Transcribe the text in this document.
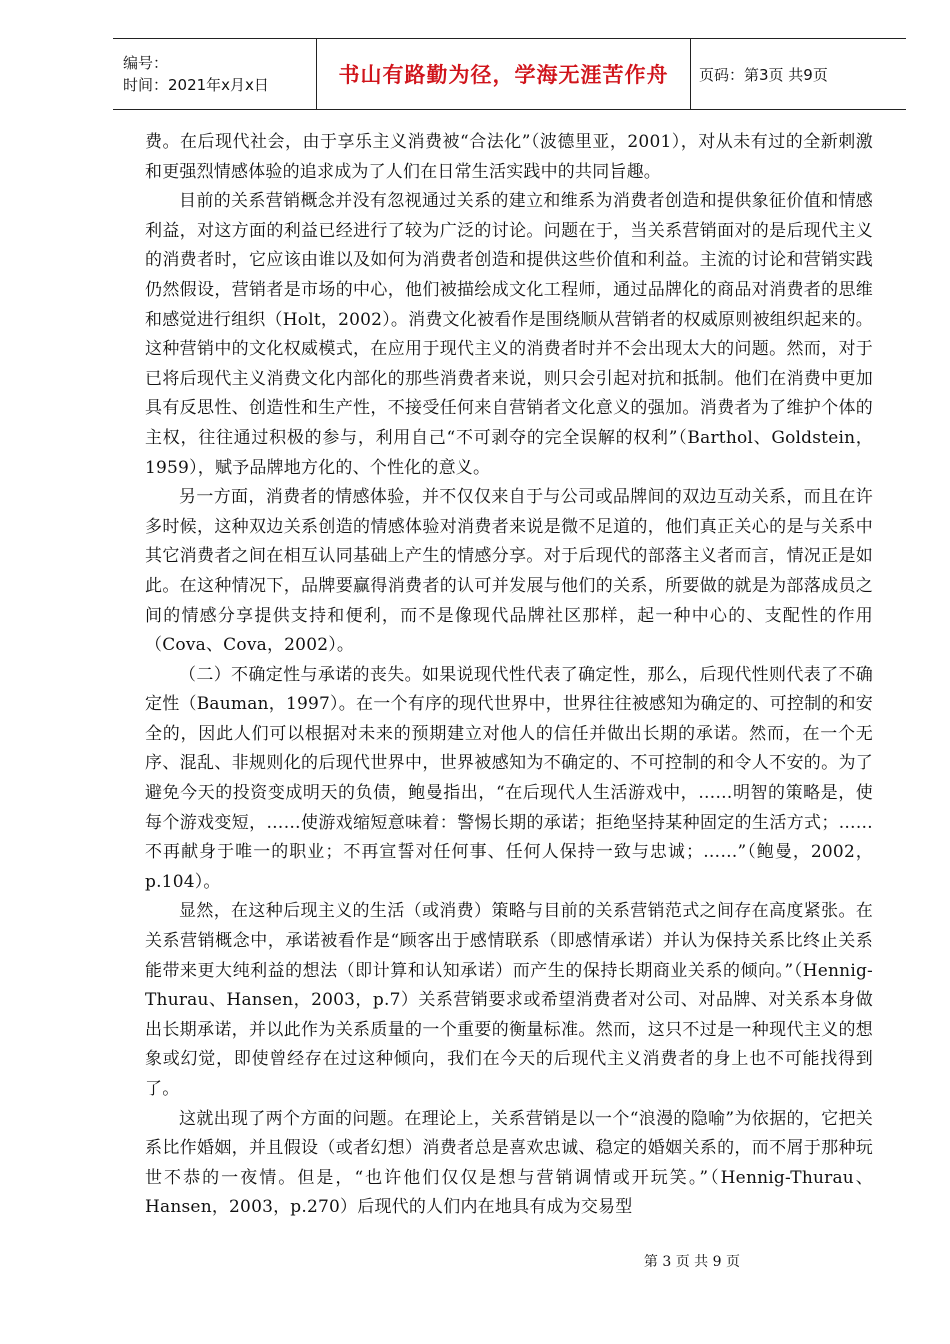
编号：
时间：2021年x月x日	书山有路勤为径，学海无涯苦作舟	页码：第3页 共9页

费。在后现代社会，由于享乐主义消费被“合法化”（波德里亚，2001），对从未有过的全新刺激和更强烈情感体验的追求成为了人们在日常生活实践中的共同旨趣。

目前的关系营销概念并没有忽视通过关系的建立和维系为消费者创造和提供象征价值和情感利益，对这方面的利益已经进行了较为广泛的讨论。问题在于，当关系营销面对的是后现代主义的消费者时，它应该由谁以及如何为消费者创造和提供这些价值和利益。主流的讨论和营销实践仍然假设，营销者是市场的中心，他们被描绘成文化工程师，通过品牌化的商品对消费者的思维和感觉进行组织（Holt，2002）。消费文化被看作是围绕顺从营销者的权威原则被组织起来的。这种营销中的文化权威模式，在应用于现代主义的消费者时并不会出现太大的问题。然而，对于已将后现代主义消费文化内部化的那些消费者来说，则只会引起对抗和抵制。他们在消费中更加具有反思性、创造性和生产性，不接受任何来自营销者文化意义的强加。消费者为了维护个体的主权，往往通过积极的参与，利用自己“不可剥夺的完全误解的权利”（Barthol、Goldstein，1959），赋予品牌地方化的、个性化的意义。

另一方面，消费者的情感体验，并不仅仅来自于与公司或品牌间的双边互动关系，而且在许多时候，这种双边关系创造的情感体验对消费者来说是微不足道的，他们真正关心的是与关系中其它消费者之间在相互认同基础上产生的情感分享。对于后现代的部落主义者而言，情况正是如此。在这种情况下，品牌要赢得消费者的认可并发展与他们的关系，所要做的就是为部落成员之间的情感分享提供支持和便利，而不是像现代品牌社区那样，起一种中心的、支配性的作用（Cova、Cova，2002）。

（二）不确定性与承诺的丧失。如果说现代性代表了确定性，那么，后现代性则代表了不确定性（Bauman，1997）。在一个有序的现代世界中，世界往往被感知为确定的、可控制的和安全的，因此人们可以根据对未来的预期建立对他人的信任并做出长期的承诺。然而，在一个无序、混乱、非规则化的后现代世界中，世界被感知为不确定的、不可控制的和令人不安的。为了避免今天的投资变成明天的负债，鲍曼指出，“在后现代人生活游戏中，……明智的策略是，使每个游戏变短，……使游戏缩短意味着：警惕长期的承诺；拒绝坚持某种固定的生活方式；……不再献身于唯一的职业；不再宣誓对任何事、任何人保持一致与忠诚；……”（鲍曼，2002，p.104）。

显然，在这种后现主义的生活（或消费）策略与目前的关系营销范式之间存在高度紧张。在关系营销概念中，承诺被看作是“顾客出于感情联系（即感情承诺）并认为保持关系比终止关系能带来更大纯利益的想法（即计算和认知承诺）而产生的保持长期商业关系的倾向。”（Hennig-Thurau、Hansen，2003，p.7）关系营销要求或希望消费者对公司、对品牌、对关系本身做出长期承诺，并以此作为关系质量的一个重要的衡量标准。然而，这只不过是一种现代主义的想象或幻觉，即使曾经存在过这种倾向，我们在今天的后现代主义消费者的身上也不可能找得到了。

这就出现了两个方面的问题。在理论上，关系营销是以一个“浪漫的隐喻”为依据的，它把关系比作婚姻，并且假设（或者幻想）消费者总是喜欢忠诚、稳定的婚姻关系的，而不屑于那种玩世不恭的一夜情。但是，“也许他们仅仅是想与营销调情或开玩笑。”（Hennig-Thurau、Hansen，2003，p.270）后现代的人们内在地具有成为交易型

第 3 页 共 9 页
